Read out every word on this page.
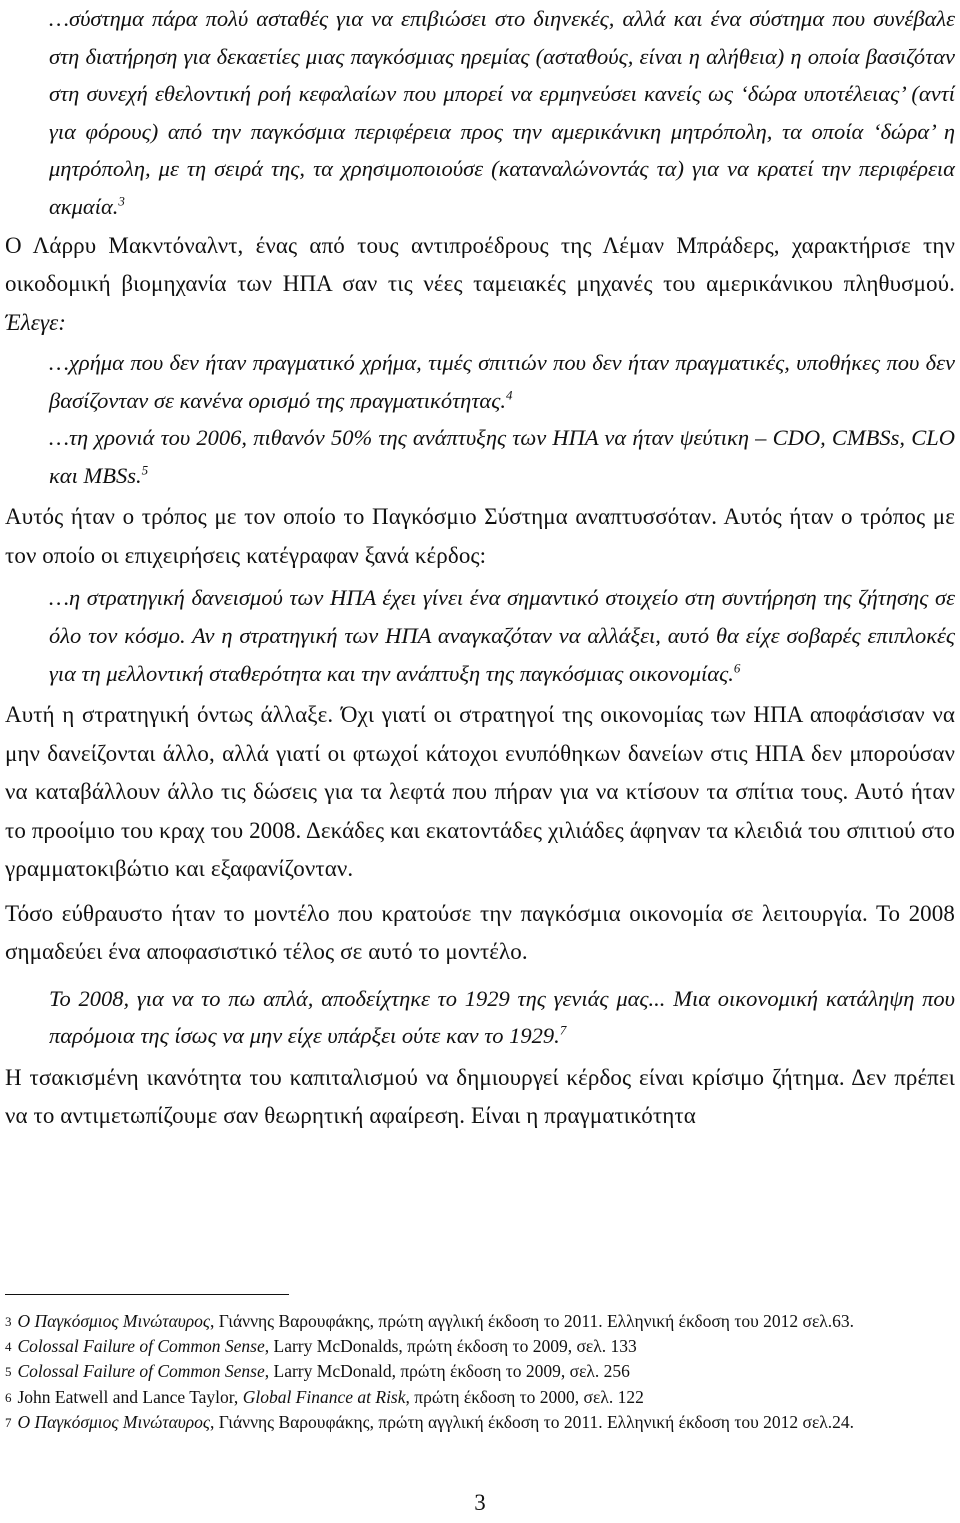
…σύστημα πάρα πολύ ασταθές για να επιβιώσει στο διηνεκές, αλλά και ένα σύστημα που συνέβαλε στη διατήρηση για δεκαετίες μιας παγκόσμιας ηρεμίας (ασταθούς, είναι η αλήθεια) η οποία βασιζόταν στη συνεχή εθελοντική ροή κεφαλαίων που μπορεί να ερμηνεύσει κανείς ως ‘δώρα υποτέλειας’ (αντί για φόρους) από την παγκόσμια περιφέρεια προς την αμερικάνικη μητρόπολη, τα οποία ‘δώρα’ η μητρόπολη, με τη σειρά της, τα χρησιμοποιούσε (καταναλώνοντάς τα) για να κρατεί την περιφέρεια ακμαία.$^3$

Ο Λάρρυ Μακντόναλντ, ένας από τους αντιπροέδρους της Λέμαν Μπράδερς, χαρακτήρισε την οικοδομική βιομηχανία των ΗΠΑ σαν τις νέες ταμειακές μηχανές του αμερικάνικου πληθυσμού. Έλεγε:

…χρήμα που δεν ήταν πραγματικό χρήμα, τιμές σπιτιών που δεν ήταν πραγματικές, υποθήκες που δεν βασίζονταν σε κανένα ορισμό της πραγματικότητας.$^4$

…τη χρονιά του 2006, πιθανόν 50% της ανάπτυξης των ΗΠΑ να ήταν ψεύτικη – CDO, CMBSs, CLO και MBSs.$^5$

Αυτός ήταν ο τρόπος με τον οποίο το Παγκόσμιο Σύστημα αναπτυσσόταν. Αυτός ήταν ο τρόπος με τον οποίο οι επιχειρήσεις κατέγραφαν ξανά κέρδος:

…η στρατηγική δανεισμού των ΗΠΑ έχει γίνει ένα σημαντικό στοιχείο στη συντήρηση της ζήτησης σε όλο τον κόσμο. Αν η στρατηγική των ΗΠΑ αναγκαζόταν να αλλάξει, αυτό θα είχε σοβαρές επιπλοκές για τη μελλοντική σταθερότητα και την ανάπτυξη της παγκόσμιας οικονομίας.$^6$

Αυτή η στρατηγική όντως άλλαξε. Όχι γιατί οι στρατηγοί της οικονομίας των ΗΠΑ αποφάσισαν να μην δανείζονται άλλο, αλλά γιατί οι φτωχοί κάτοχοι ενυπόθηκων δανείων στις ΗΠΑ δεν μπορούσαν να καταβάλλουν άλλο τις δώσεις για τα λεφτά που πήραν για να κτίσουν τα σπίτια τους. Αυτό ήταν το προοίμιο του κραχ του 2008. Δεκάδες και εκατοντάδες χιλιάδες άφηναν τα κλειδιά του σπιτιού στο γραμματοκιβώτιο και εξαφανίζονταν.

Τόσο εύθραυστο ήταν το μοντέλο που κρατούσε την παγκόσμια οικονομία σε λειτουργία. Το 2008 σημαδεύει ένα αποφασιστικό τέλος σε αυτό το μοντέλο.

Το 2008, για να το πω απλά, αποδείχτηκε το 1929 της γενιάς μας... Μια οικονομική κατάληψη που παρόμοια της ίσως να μην είχε υπάρξει ούτε καν το 1929.$^7$

Η τσακισμένη ικανότητα του καπιταλισμού να δημιουργεί κέρδος είναι κρίσιμο ζήτημα. Δεν πρέπει να το αντιμετωπίζουμε σαν θεωρητική αφαίρεση. Είναι η πραγματικότητα

3 Ο Παγκόσμιος Μινώταυρος, Γιάννης Βαρουφάκης, πρώτη αγγλική έκδοση το 2011. Ελληνική έκδοση του 2012 σελ.63.
4 Colossal Failure of Common Sense, Larry McDonalds, πρώτη έκδοση το 2009, σελ. 133
5 Colossal Failure of Common Sense, Larry McDonald, πρώτη έκδοση το 2009, σελ. 256
6 John Eatwell and Lance Taylor, Global Finance at Risk, πρώτη έκδοση το 2000, σελ. 122
7 Ο Παγκόσμιος Μινώταυρος, Γιάννης Βαρουφάκης, πρώτη αγγλική έκδοση το 2011. Ελληνική έκδοση του 2012 σελ.24.
3
